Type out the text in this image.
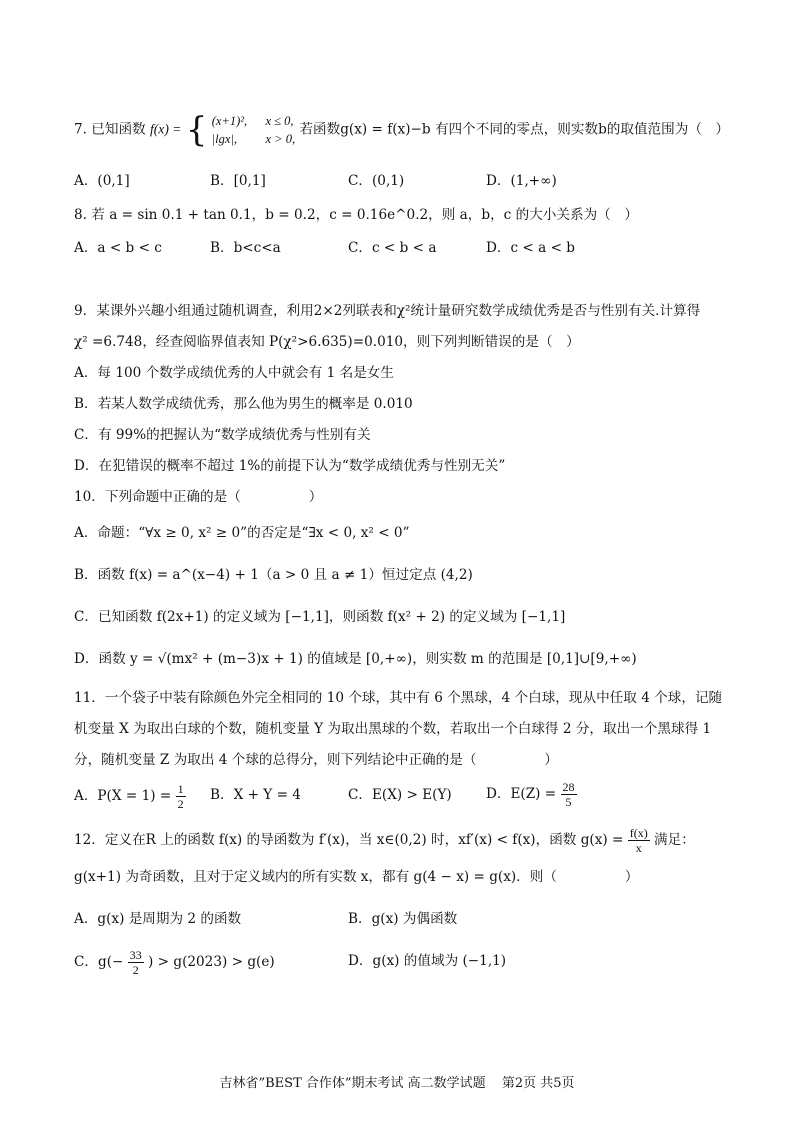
7. 已知函数 f(x) = { (x+1)²,
|lgx|,

x ≤ 0,
x > 0,
若函数g(x) = f(x)−b 有四个不同的零点，则实数b的取值范围为（　）
A．(0,1]	B．[0,1]	C．(0,1)	D．(1,+∞)
8. 若 a = sin 0.1 + tan 0.1，b = 0.2，c = 0.16e^0.2，则 a，b，c 的大小关系为（　）
A．a < b < c	B．b<c<a	C．c < b < a	D．c < a < b
9．某课外兴趣小组通过随机调查，利用2×2列联表和χ²统计量研究数学成绩优秀是否与性别有关.计算得
χ² =6.748，经查阅临界值表知 P(χ²>6.635)=0.010，则下列判断错误的是（　）
A．每 100 个数学成绩优秀的人中就会有 1 名是女生
B．若某人数学成绩优秀，那么他为男生的概率是 0.010
C．有 99%的把握认为“数学成绩优秀与性别有关
D．在犯错误的概率不超过 1%的前提下认为“数学成绩优秀与性别无关”
10．下列命题中正确的是（　　　　　）
A．命题：“∀x ≥ 0, x² ≥ 0”的否定是“∃x < 0, x² < 0”
B．函数 f(x) = a^(x−4) + 1（a > 0 且 a ≠ 1）恒过定点 (4,2)
C．已知函数 f(2x+1) 的定义域为 [−1,1]，则函数 f(x² + 2) 的定义域为 [−1,1]
D．函数 y = √(mx² + (m−3)x + 1) 的值域是 [0,+∞)，则实数 m 的范围是 [0,1]∪[9,+∞)
11．一个袋子中装有除颜色外完全相同的 10 个球，其中有 6 个黑球，4 个白球，现从中任取 4 个球，记随
机变量 X 为取出白球的个数，随机变量 Y 为取出黑球的个数，若取出一个白球得 2 分，取出一个黑球得 1
分，随机变量 Z 为取出 4 个球的总得分，则下列结论中正确的是（　　　　　）
A．$P(X = 1) = \frac{1}{2}$ B．X + Y = 4	C．E(X) > E(Y)	D．$E(Z) = \frac{28}{5}$
12．定义在R 上的函数 f(x) 的导函数为 f′(x)，当 x∈(0,2) 时，xf′(x) < f(x)，函数 $g(x) = \frac{f(x)}{x}$ 满足：
g(x+1) 为奇函数，且对于定义域内的所有实数 x，都有 g(4 − x) = g(x)．则（　　　　　）
A．g(x) 是周期为 2 的函数	B．g(x) 为偶函数
C．$g(- \frac{33}{2}$ ) > g(2023) > g(e)	D．g(x) 的值域为 (−1,1)
吉林省”BEST 合作体”期末考试 高二数学试题 第2页 共5页
